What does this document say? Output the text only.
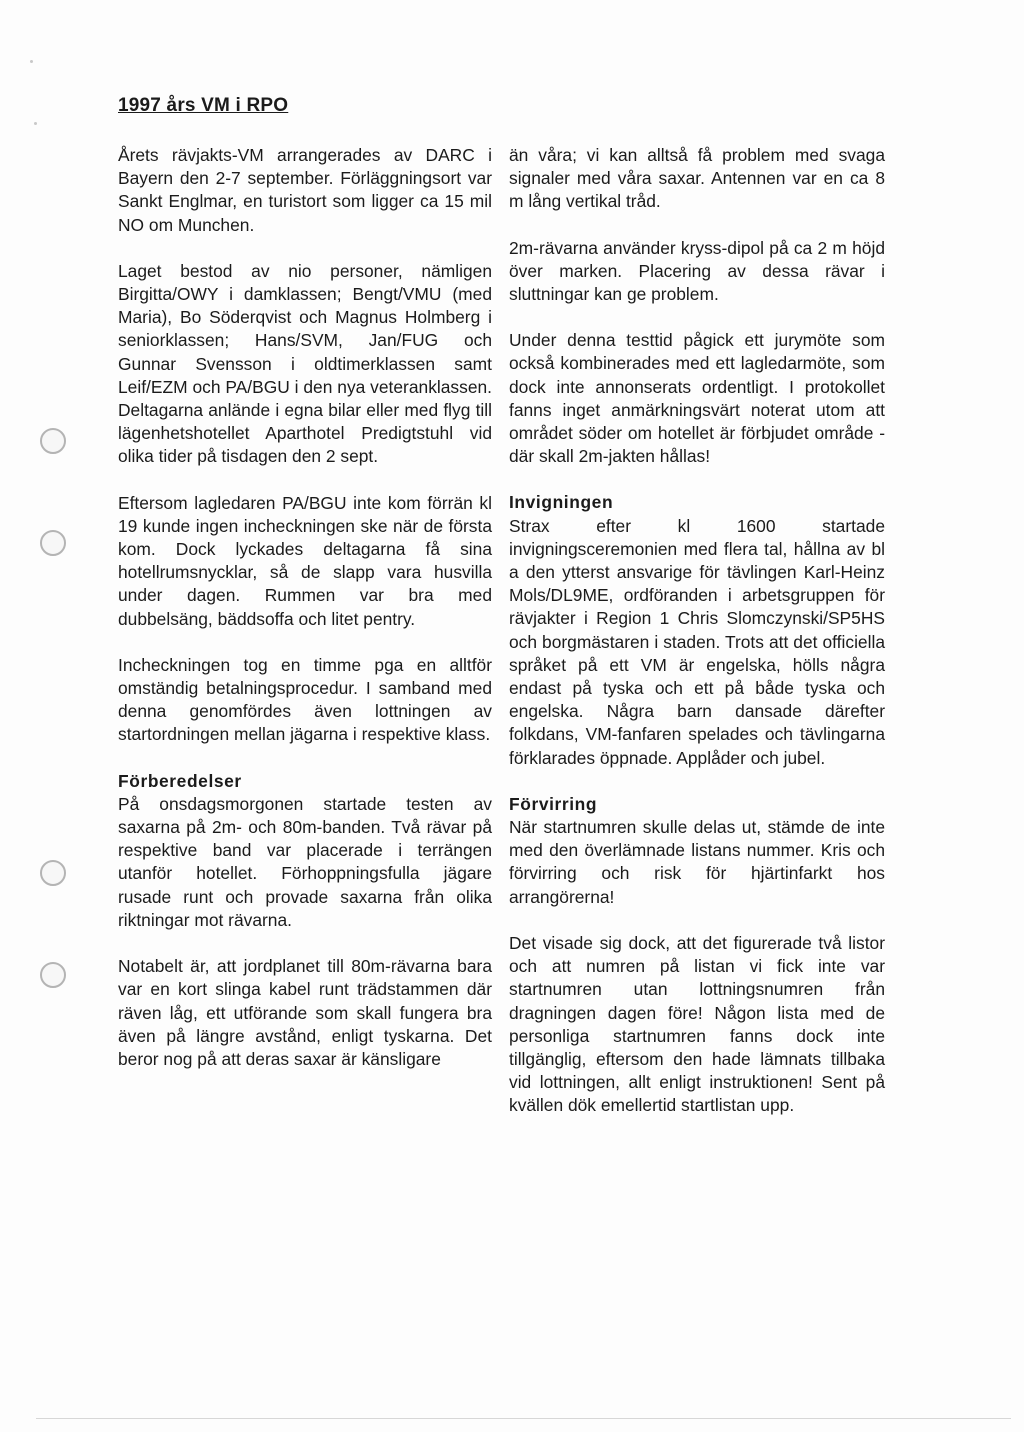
1997 års VM i RPO

Årets rävjakts-VM arrangerades av DARC i Bayern den 2-7 september. Förläggningsort var Sankt Englmar, en turistort som ligger ca 15 mil NO om Munchen.

Laget bestod av nio personer, nämligen Birgitta/OWY i damklassen; Bengt/VMU (med Maria), Bo Söderqvist och Magnus Holmberg i seniorklassen; Hans/SVM, Jan/FUG och Gunnar Svensson i oldtimerklassen samt Leif/EZM och PA/BGU i den nya veteranklassen. Deltagarna anlände i egna bilar eller med flyg till lägenhetshotellet Aparthotel Predigtstuhl vid olika tider på tisdagen den 2 sept.

Eftersom lagledaren PA/BGU inte kom förrän kl 19 kunde ingen incheckningen ske när de första kom. Dock lyckades deltagarna få sina hotellrumsnycklar, så de slapp vara husvilla under dagen. Rummen var bra med dubbelsäng, bäddsoffa och litet pentry.

Incheckningen tog en timme pga en alltför omständig betalningsprocedur. I samband med denna genomfördes även lottningen av startordningen mellan jägarna i respektive klass.

Förberedelser

På onsdagsmorgonen startade testen av saxarna på 2m- och 80m-banden. Två rävar på respektive band var placerade i terrängen utanför hotellet. Förhoppningsfulla jägare rusade runt och provade saxarna från olika riktningar mot rävarna.

Notabelt är, att jordplanet till 80m-rävarna bara var en kort slinga kabel runt trädstammen där räven låg, ett utförande som skall fungera bra även på längre avstånd, enligt tyskarna. Det beror nog på att deras saxar är känsligare

än våra; vi kan alltså få problem med svaga signaler med våra saxar. Antennen var en ca 8 m lång vertikal tråd.

2m-rävarna använder kryss-dipol på ca 2 m höjd över marken. Placering av dessa rävar i sluttningar kan ge problem.

Under denna testtid pågick ett jurymöte som också kombinerades med ett lagledarmöte, som dock inte annonserats ordentligt. I protokollet fanns inget anmärkningsvärt noterat utom att området söder om hotellet är förbjudet område - där skall 2m-jakten hållas!

Invigningen

Strax efter kl 1600 startade invigningsceremonien med flera tal, hållna av bl a den ytterst ansvarige för tävlingen Karl-Heinz Mols/DL9ME, ordföranden i arbetsgruppen för rävjakter i Region 1 Chris Slomczynski/SP5HS och borgmästaren i staden. Trots att det officiella språket på ett VM är engelska, hölls några endast på tyska och ett på både tyska och engelska. Några barn dansade därefter folkdans, VM-fanfaren spelades och tävlingarna förklarades öppnade. Applåder och jubel.

Förvirring

När startnumren skulle delas ut, stämde de inte med den överlämnade listans nummer. Kris och förvirring och risk för hjärtinfarkt hos arrangörerna!

Det visade sig dock, att det figurerade två listor och att numren på listan vi fick inte var startnumren utan lottningsnumren från dragningen dagen före! Någon lista med de personliga startnumren fanns dock inte tillgänglig, eftersom den hade lämnats tillbaka vid lottningen, allt enligt instruktionen! Sent på kvällen dök emellertid startlistan upp.
